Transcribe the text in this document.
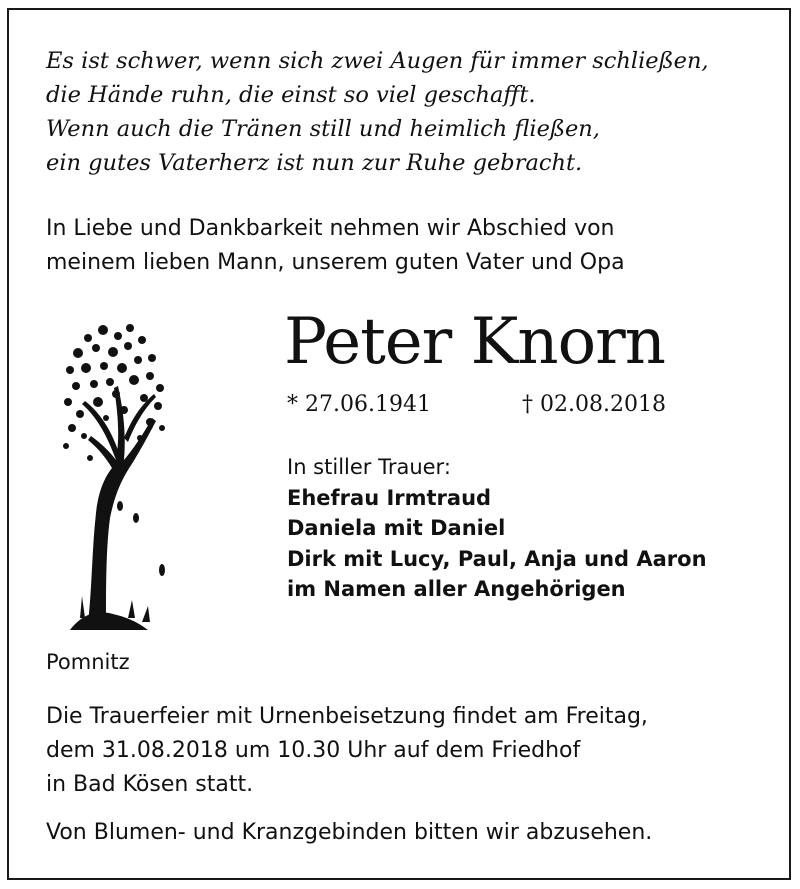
Es ist schwer, wenn sich zwei Augen für immer schließen,
die Hände ruhn, die einst so viel geschafft.
Wenn auch die Tränen still und heimlich fließen,
ein gutes Vaterherz ist nun zur Ruhe gebracht.
In Liebe und Dankbarkeit nehmen wir Abschied von
meinem lieben Mann, unserem guten Vater und Opa
Peter Knorn
* 27.06.1941	† 02.08.2018
In stiller Trauer:
Ehefrau Irmtraud
Daniela mit Daniel
Dirk mit Lucy, Paul, Anja und Aaron
im Namen aller Angehörigen
Pomnitz
Die Trauerfeier mit Urnenbeisetzung findet am Freitag,
dem 31.08.2018 um 10.30 Uhr auf dem Friedhof
in Bad Kösen statt.
Von Blumen- und Kranzgebinden bitten wir abzusehen.
